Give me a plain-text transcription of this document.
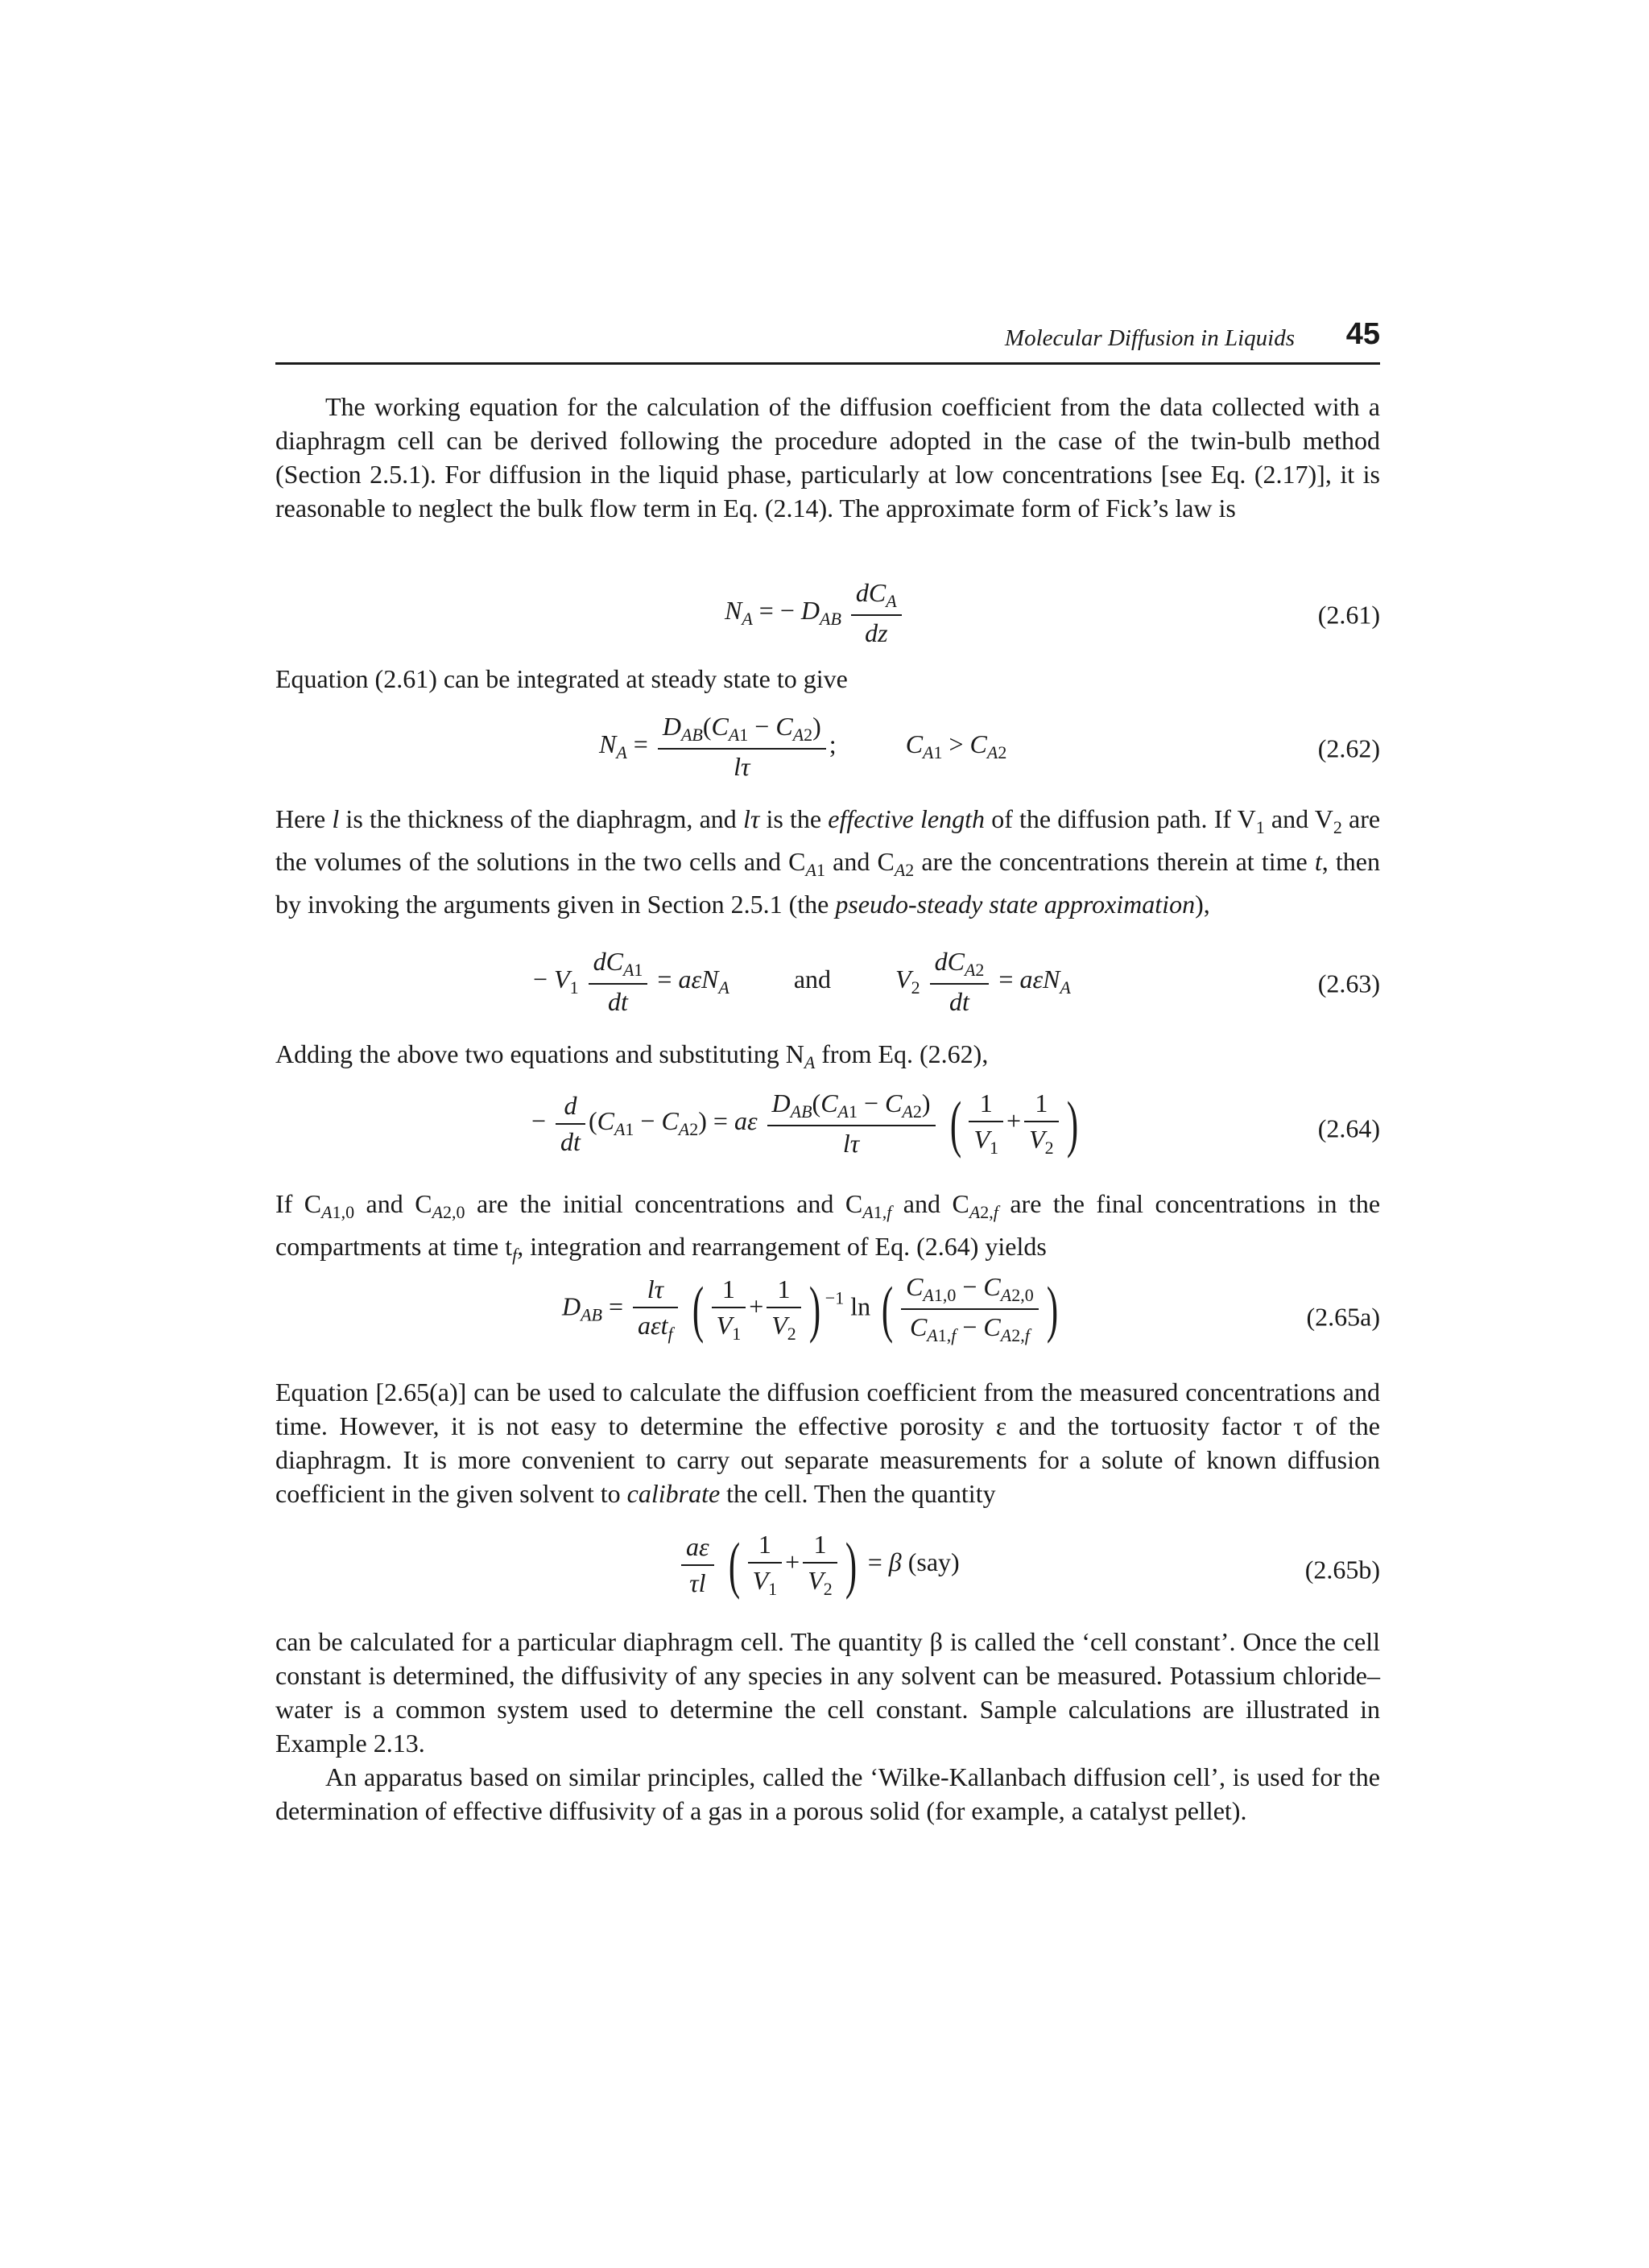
Molecular Diffusion in Liquids 45

The working equation for the calculation of the diffusion coefficient from the data collected with a diaphragm cell can be derived following the procedure adopted in the case of the twin-bulb method (Section 2.5.1). For diffusion in the liquid phase, particularly at low concentrations [see Eq. (2.17)], it is reasonable to neglect the bulk flow term in Eq. (2.14). The approximate form of Fick’s law is

$N_A$ = − $D_{AB} \frac{dC_A}{dz}$	(2.61)

Equation (2.61) can be integrated at steady state to give

$N_A = \frac{D_{AB}(C_{A1} - C_{A2})}{l\tau}$ ;  $C_{A1} > C_{A2}$	(2.62)

Here l is the thickness of the diaphragm, and lτ is the effective length of the diffusion path. If $V_1$ and $V_2$ are the volumes of the solutions in the two cells and $C_{A1}$ and $C_{A2}$ are the concentrations therein at time t, then by invoking the arguments given in Section 2.5.1 (the pseudo-steady state approximation),

− $V_1 \frac{dC_{A1}}{dt} = a\varepsilon N_A$	and	$V_2 \frac{dC_{A2}}{dt} = a\varepsilon N_A$	(2.63)

Adding the above two equations and substituting $N_A$ from Eq. (2.62),

− $\frac{d}{dt} (C_{A1} - C_{A2}) = a\varepsilon \frac{D_{AB}(C_{A1} - C_{A2})}{l\tau}$ ( $\frac{1}{V_1} + \frac{1}{V_2}$ )	(2.64)

If $C_{A1,0}$ and $C_{A2,0}$ are the initial concentrations and $C_{A1,f}$ and $C_{A2,f}$ are the final concentrations in the compartments at time $t_f$, integration and rearrangement of Eq. (2.64) yields

$D_{AB} = \frac{l\tau}{a\varepsilon t_f}$ ( $\frac{1}{V_1} + \frac{1}{V_2}$ ) $^{-1}$ ln ( $\frac{C_{A1,0} - C_{A2,0}}{C_{A1,f} - C_{A2,f}}$ )	(2.65a)

Equation [2.65(a)] can be used to calculate the diffusion coefficient from the measured concentrations and time. However, it is not easy to determine the effective porosity ε and the tortuosity factor τ of the diaphragm. It is more convenient to carry out separate measurements for a solute of known diffusion coefficient in the given solvent to calibrate the cell. Then the quantity

$\frac{a\varepsilon}{\tau l}$ ( $\frac{1}{V_1} + \frac{1}{V_2}$ ) = β (say)	(2.65b)

can be calculated for a particular diaphragm cell. The quantity β is called the ‘cell constant’. Once the cell constant is determined, the diffusivity of any species in any solvent can be measured. Potassium chloride–water is a common system used to determine the cell constant. Sample calculations are illustrated in Example 2.13.

An apparatus based on similar principles, called the ‘Wilke-Kallanbach diffusion cell’, is used for the determination of effective diffusivity of a gas in a porous solid (for example, a catalyst pellet).
